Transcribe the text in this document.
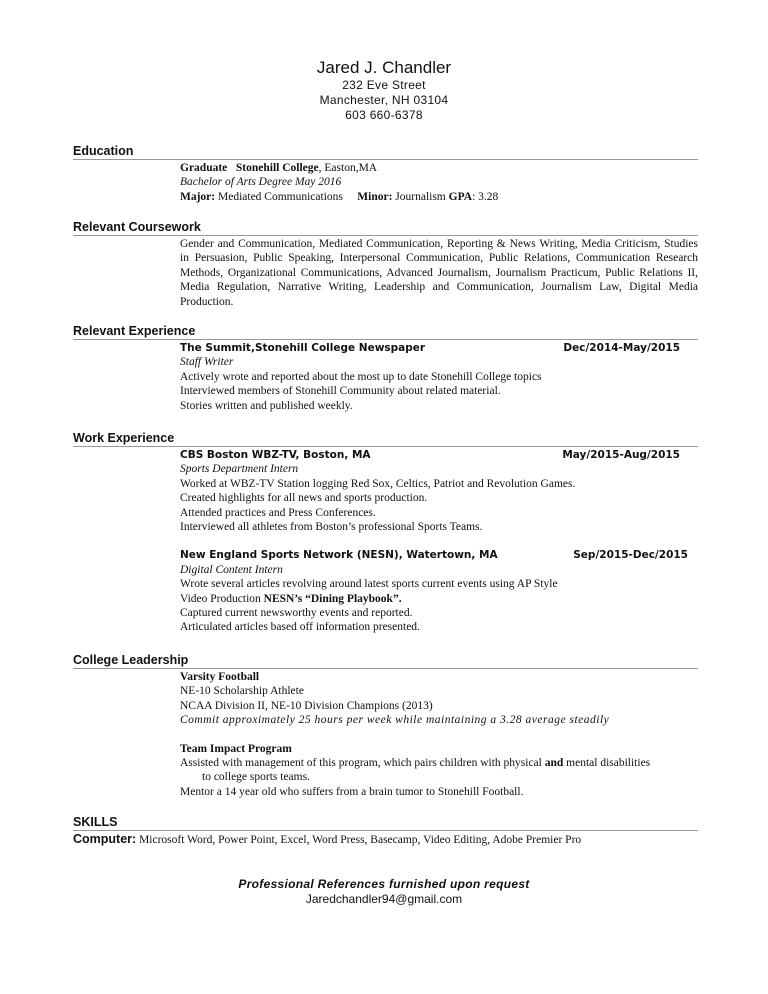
Jared J. Chandler
232 Eve Street
Manchester, NH 03104
603 660-6378
Education
Graduate Stonehill College, Easton,MA
Bachelor of Arts Degree May 2016
Major: Mediated Communications Minor: Journalism GPA: 3.28
Relevant Coursework
Gender and Communication, Mediated Communication, Reporting & News Writing, Media Criticism, Studies in Persuasion, Public Speaking, Interpersonal Communication, Public Relations, Communication Research Methods, Organizational Communications, Advanced Journalism, Journalism Practicum, Public Relations II, Media Regulation, Narrative Writing, Leadership and Communication, Journalism Law, Digital Media Production.
Relevant Experience
The Summit,Stonehill College Newspaper	Dec/2014-May/2015
Staff Writer
Actively wrote and reported about the most up to date Stonehill College topics
Interviewed members of Stonehill Community about related material.
Stories written and published weekly.
Work Experience
CBS Boston WBZ-TV, Boston, MA	May/2015-Aug/2015
Sports Department Intern
Worked at WBZ-TV Station logging Red Sox, Celtics, Patriot and Revolution Games.
Created highlights for all news and sports production.
Attended practices and Press Conferences.
Interviewed all athletes from Boston’s professional Sports Teams.
New England Sports Network (NESN), Watertown, MA	Sep/2015-Dec/2015
Digital Content Intern
Wrote several articles revolving around latest sports current events using AP Style
Video Production NESN’s “Dining Playbook”.
Captured current newsworthy events and reported.
Articulated articles based off information presented.
College Leadership
Varsity Football
NE-10 Scholarship Athlete
NCAA Division II, NE-10 Division Champions (2013)
Commit approximately 25 hours per week while maintaining a 3.28 average steadily
Team Impact Program
Assisted with management of this program, which pairs children with physical and mental disabilities
to college sports teams.
Mentor a 14 year old who suffers from a brain tumor to Stonehill Football.
SKILLS
Computer: Microsoft Word, Power Point, Excel, Word Press, Basecamp, Video Editing, Adobe Premier Pro
Professional References furnished upon request
Jaredchandler94@gmail.com
